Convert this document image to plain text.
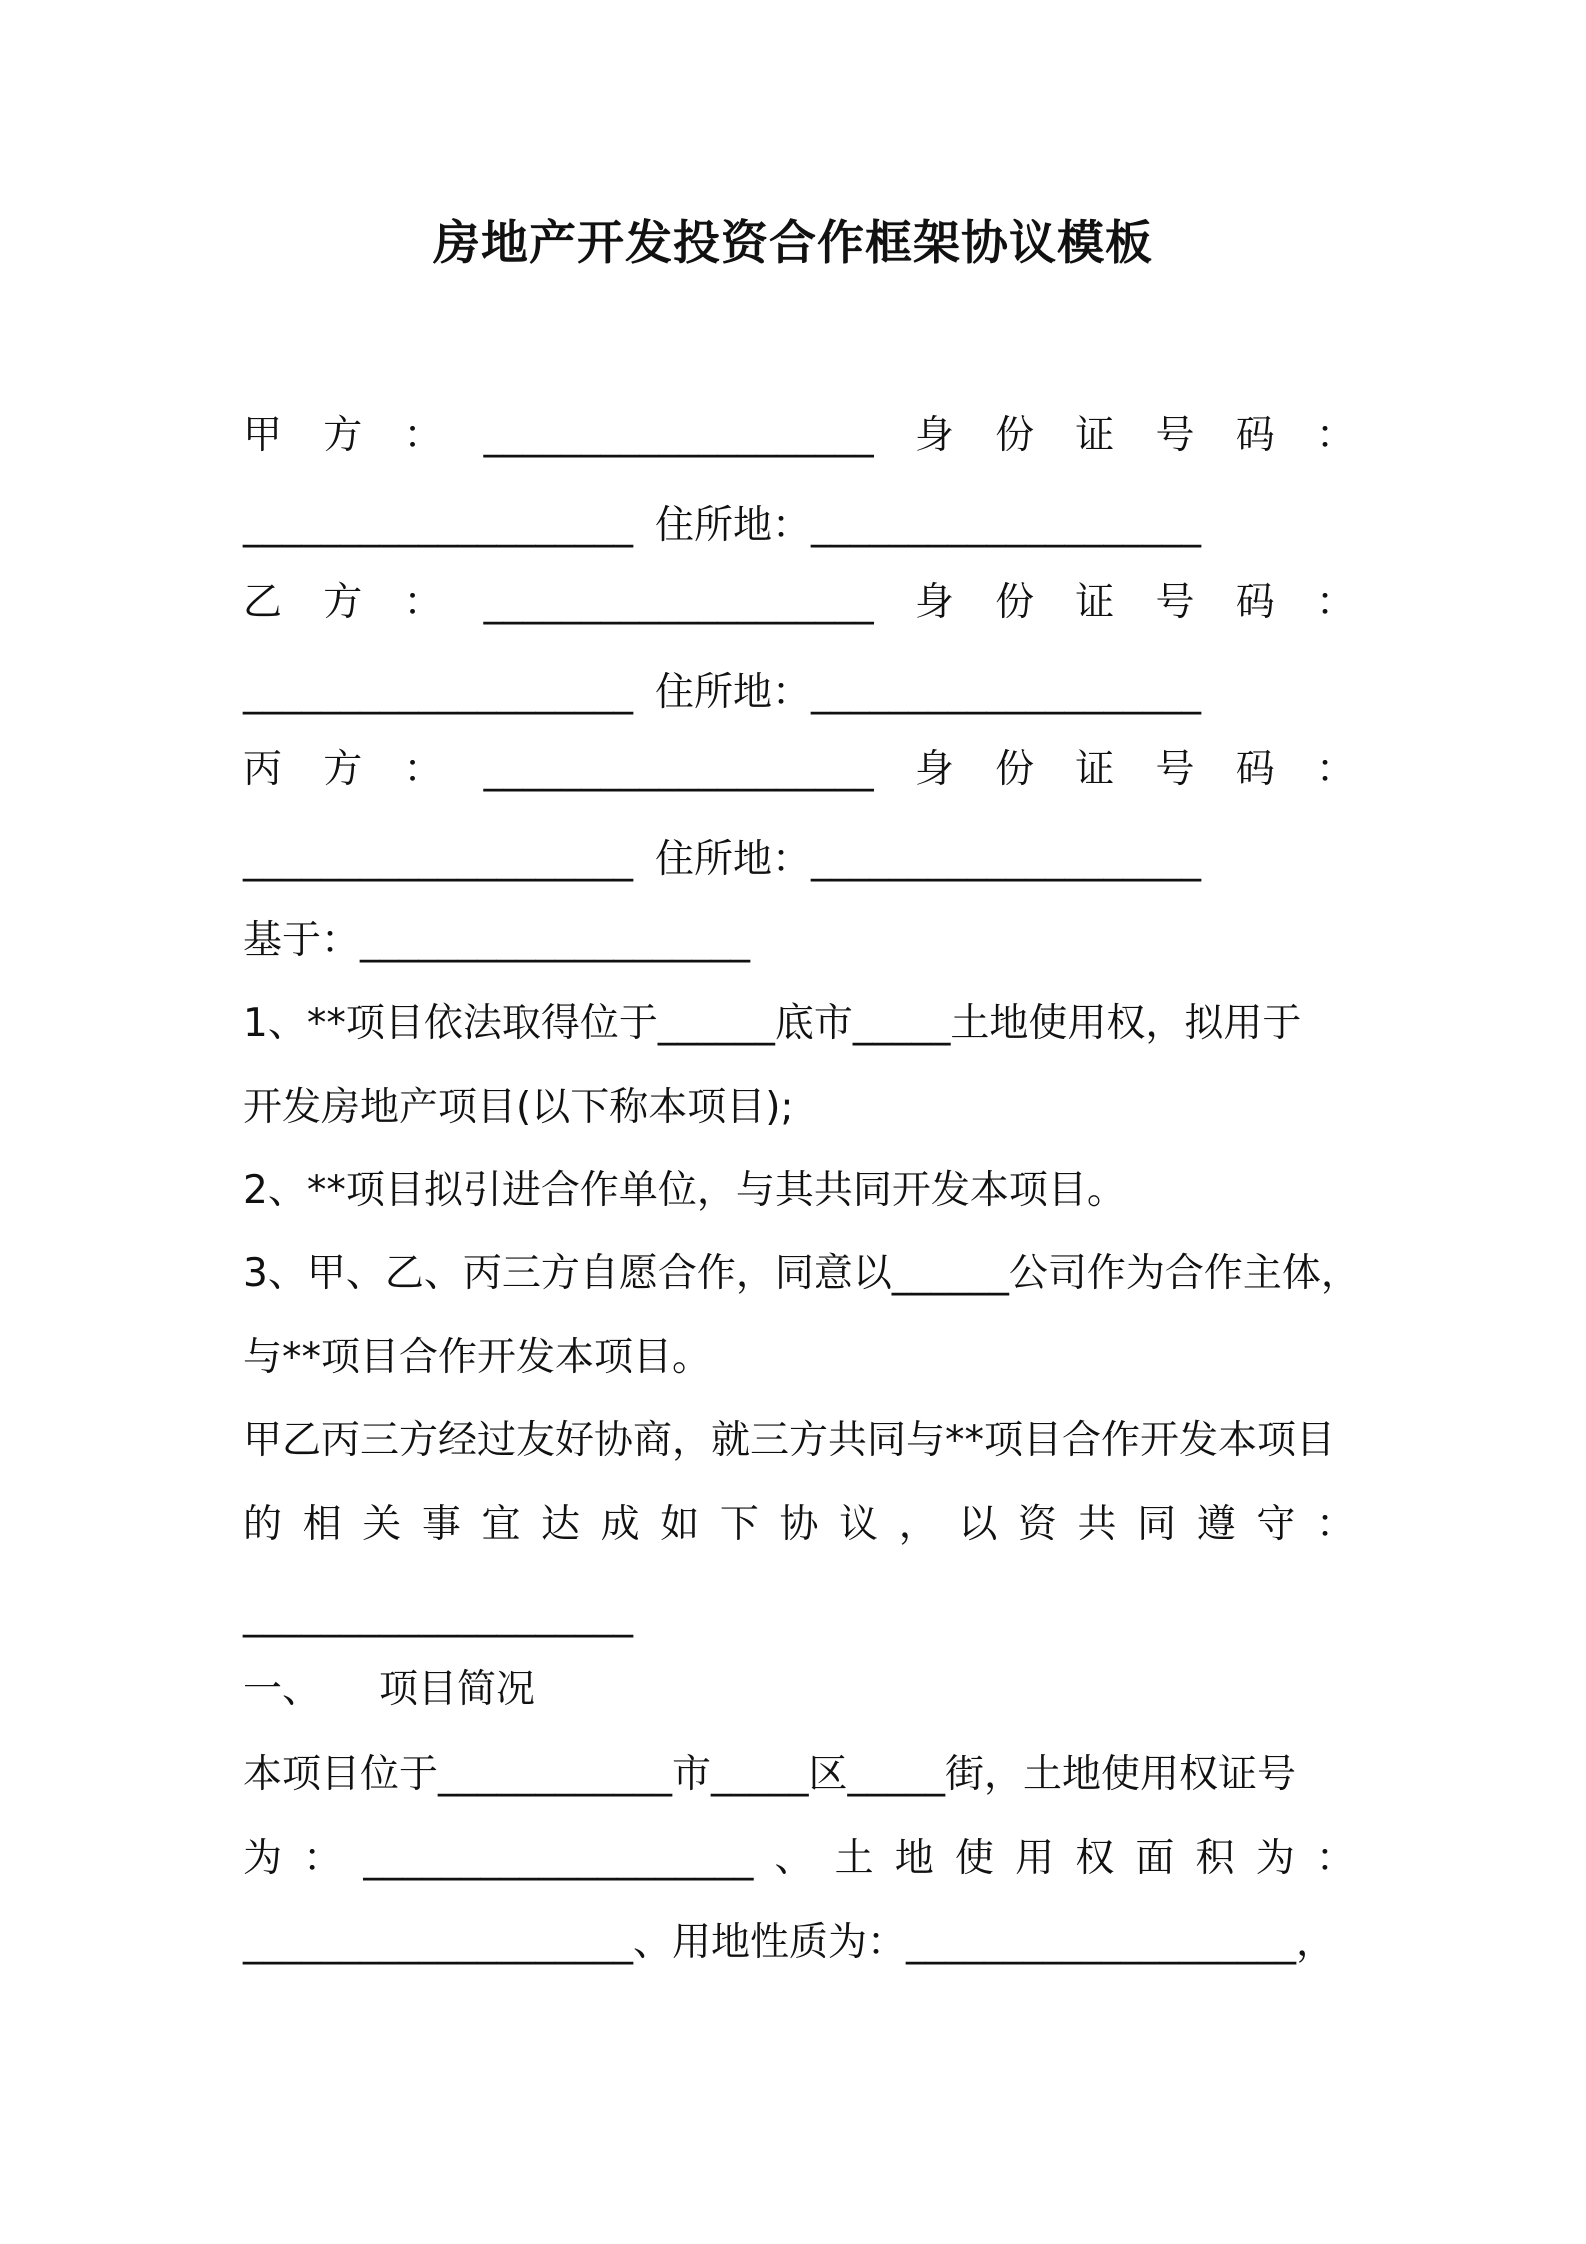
房地产开发投资合作框架协议模板
甲 方 ： ____________________ 身 份 证 号 码 ：
____________________ 住所地：____________________
乙 方 ： ____________________ 身 份 证 号 码 ：
____________________ 住所地：____________________
丙 方 ： ____________________ 身 份 证 号 码 ：
____________________ 住所地：____________________
基于：____________________
1、**项目依法取得位于______底市_____土地使用权，拟用于
开发房地产项目(以下称本项目);
2、**项目拟引进合作单位，与其共同开发本项目。
3、甲、乙、丙三方自愿合作，同意以______公司作为合作主体，
与**项目合作开发本项目。
甲乙丙三方经过友好协商，就三方共同与**项目合作开发本项目
的 相 关 事 宜 达 成 如 下 协 议 ， 以 资 共 同 遵 守 ：
____________________
一、 项目简况
本项目位于____________市_____区_____街，土地使用权证号
为 ： ____________________ 、 土 地 使 用 权 面 积 为 ：
____________________、用地性质为：____________________，
